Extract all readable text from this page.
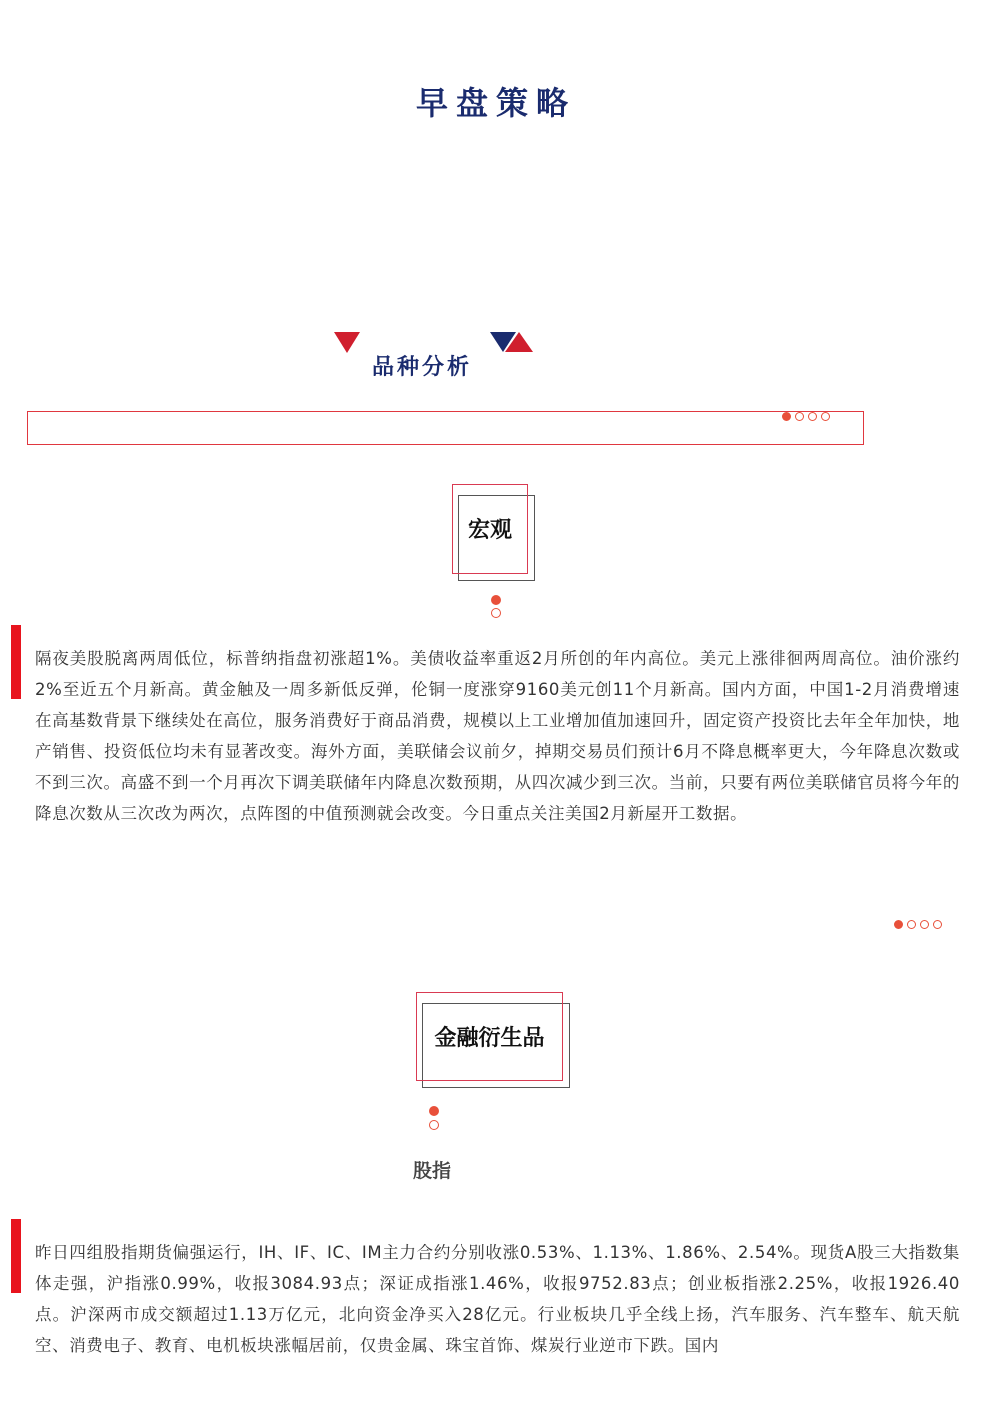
早盘策略
品种分析
宏观
隔夜美股脱离两周低位，标普纳指盘初涨超1%。美债收益率重返2月所创的年内高位。美元上涨徘徊两周高位。油价涨约2%至近五个月新高。黄金触及一周多新低反弹，伦铜一度涨穿9160美元创11个月新高。国内方面，中国1-2月消费增速在高基数背景下继续处在高位，服务消费好于商品消费，规模以上工业增加值加速回升，固定资产投资比去年全年加快，地产销售、投资低位均未有显著改变。海外方面，美联储会议前夕，掉期交易员们预计6月不降息概率更大，今年降息次数或不到三次。高盛不到一个月再次下调美联储年内降息次数预期，从四次减少到三次。当前，只要有两位美联储官员将今年的降息次数从三次改为两次，点阵图的中值预测就会改变。今日重点关注美国2月新屋开工数据。
金融衍生品
股指
昨日四组股指期货偏强运行，IH、IF、IC、IM主力合约分别收涨0.53%、1.13%、1.86%、2.54%。现货A股三大指数集体走强，沪指涨0.99%，收报3084.93点；深证成指涨1.46%，收报9752.83点；创业板指涨2.25%，收报1926.40点。沪深两市成交额超过1.13万亿元，北向资金净买入28亿元。行业板块几乎全线上扬，汽车服务、汽车整车、航天航空、消费电子、教育、电机板块涨幅居前，仅贵金属、珠宝首饰、煤炭行业逆市下跌。国内
